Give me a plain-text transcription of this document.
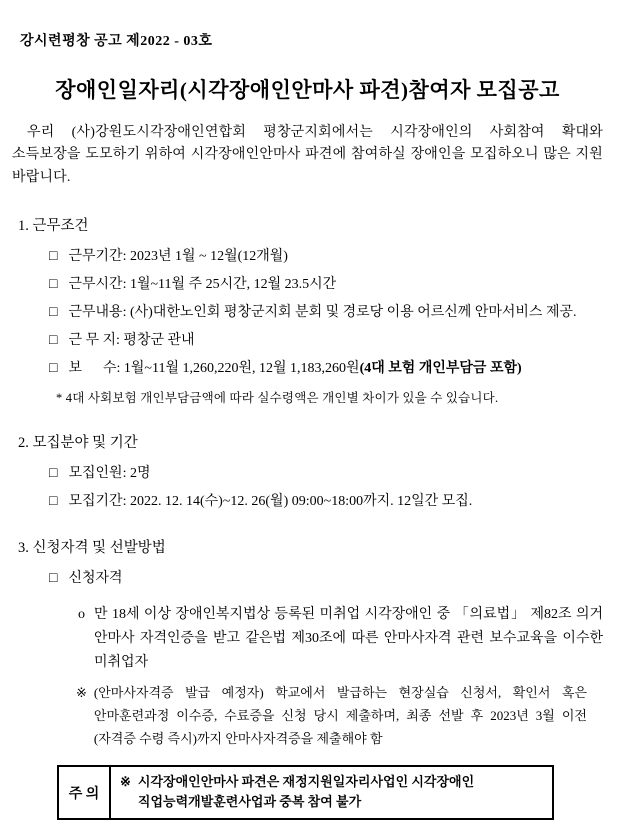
강시련평창 공고 제2022 - 03호
장애인일자리(시각장애인안마사 파견)참여자 모집공고

우리 (사)강원도시각장애인연합회 평창군지회에서는 시각장애인의 사회참여 확대와 소득보장을 도모하기 위하여 시각장애인안마사 파견에 참여하실 장애인을 모집하오니 많은 지원 바랍니다.

1. 근무조건
□ 근무기간: 2023년 1월 ~ 12월(12개월)
□ 근무시간: 1월~11월 주 25시간, 12월 23.5시간
□ 근무내용: (사)대한노인회 평창군지회 분회 및 경로당 이용 어르신께 안마서비스 제공.
□ 근 무 지: 평창군 관내
□ 보      수: 1월~11월 1,260,220원, 12월 1,183,260원(4대 보험 개인부담금 포함)
* 4대 사회보험 개인부담금액에 따라 실수령액은 개인별 차이가 있을 수 있습니다.
2. 모집분야 및 기간
□ 모집인원: 2명
□ 모집기간: 2022. 12. 14(수)~12. 26(월) 09:00~18:00까지. 12일간 모집.
3. 신청자격 및 선발방법
□ 신청자격
o 만 18세 이상 장애인복지법상 등록된 미취업 시각장애인 중 「의료법」 제82조 의거 안마사 자격인증을 받고 같은법 제30조에 따른 안마사자격 관련 보수교육을 이수한 미취업자
※ (안마사자격증 발급 예정자) 학교에서 발급하는 현장실습 신청서, 확인서 혹은 안마훈련과정 이수증, 수료증을 신청 당시 제출하며, 최종 선발 후 2023년 3월 이전(자격증 수령 즉시)까지 안마사자격증을 제출해야 함
주 의
※ 시각장애인안마사 파견은 재정지원일자리사업인 시각장애인 직업능력개발훈련사업과 중복 참여 불가
